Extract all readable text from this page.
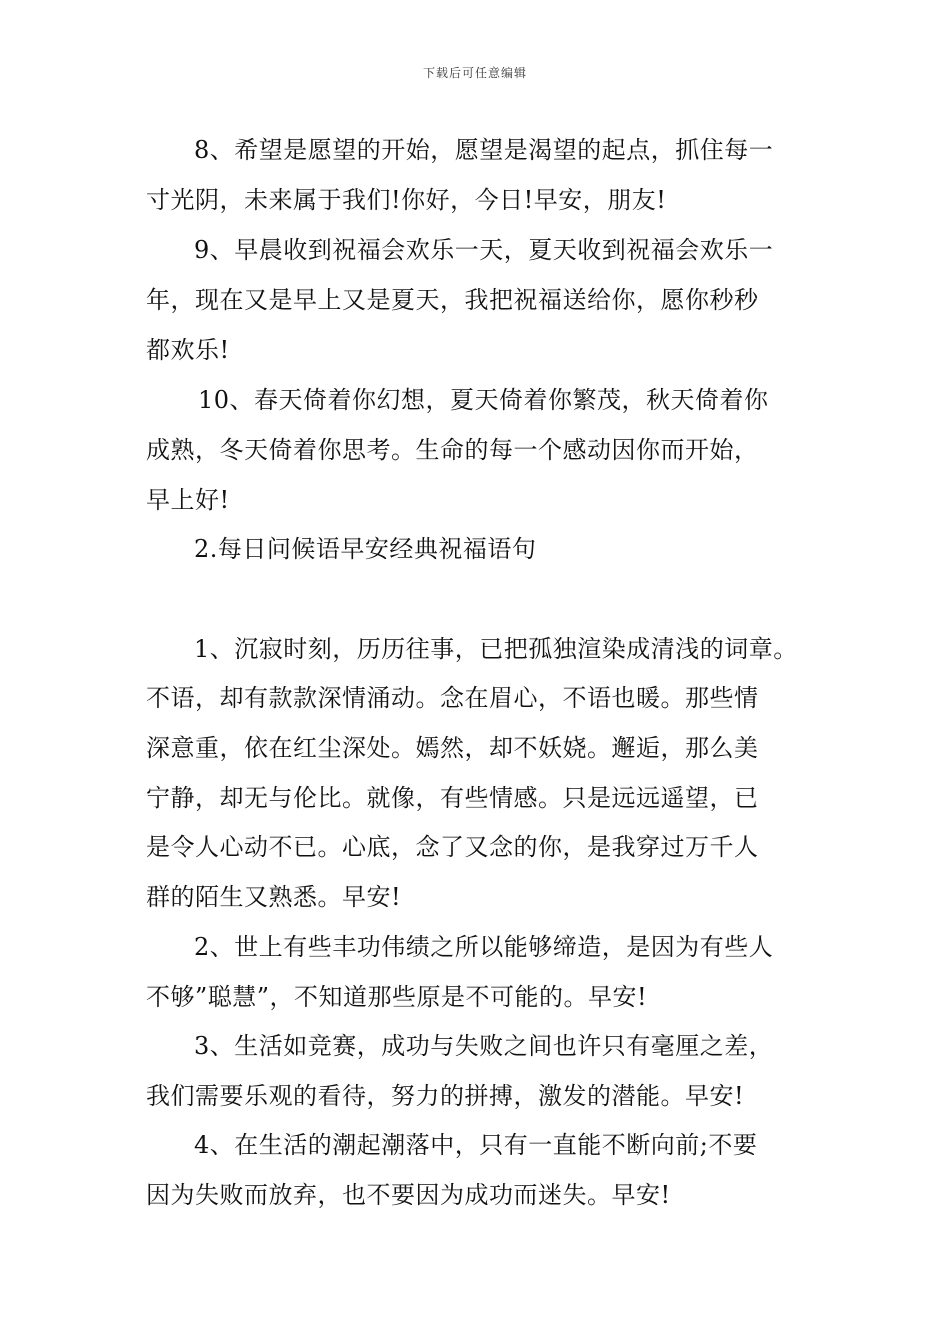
下载后可任意编辑
8、希望是愿望的开始，愿望是渴望的起点，抓住每一
寸光阴，未来属于我们!你好，今日!早安，朋友!
9、早晨收到祝福会欢乐一天，夏天收到祝福会欢乐一
年，现在又是早上又是夏天，我把祝福送给你，愿你秒秒
都欢乐!
10、春天倚着你幻想，夏天倚着你繁茂，秋天倚着你
成熟，冬天倚着你思考。生命的每一个感动因你而开始，
早上好!
2.每日问候语早安经典祝福语句
1、沉寂时刻，历历往事，已把孤独渲染成清浅的词章。
不语，却有款款深情涌动。念在眉心，不语也暖。那些情
深意重，依在红尘深处。嫣然，却不妖娆。邂逅，那么美
宁静，却无与伦比。就像，有些情感。只是远远遥望，已
是令人心动不已。心底，念了又念的你，是我穿过万千人
群的陌生又熟悉。早安!
2、世上有些丰功伟绩之所以能够缔造，是因为有些人
不够”聪慧”，不知道那些原是不可能的。早安!
3、生活如竞赛，成功与失败之间也许只有毫厘之差，
我们需要乐观的看待，努力的拼搏，激发的潜能。早安!
4、在生活的潮起潮落中，只有一直能不断向前;不要
因为失败而放弃，也不要因为成功而迷失。早安!
